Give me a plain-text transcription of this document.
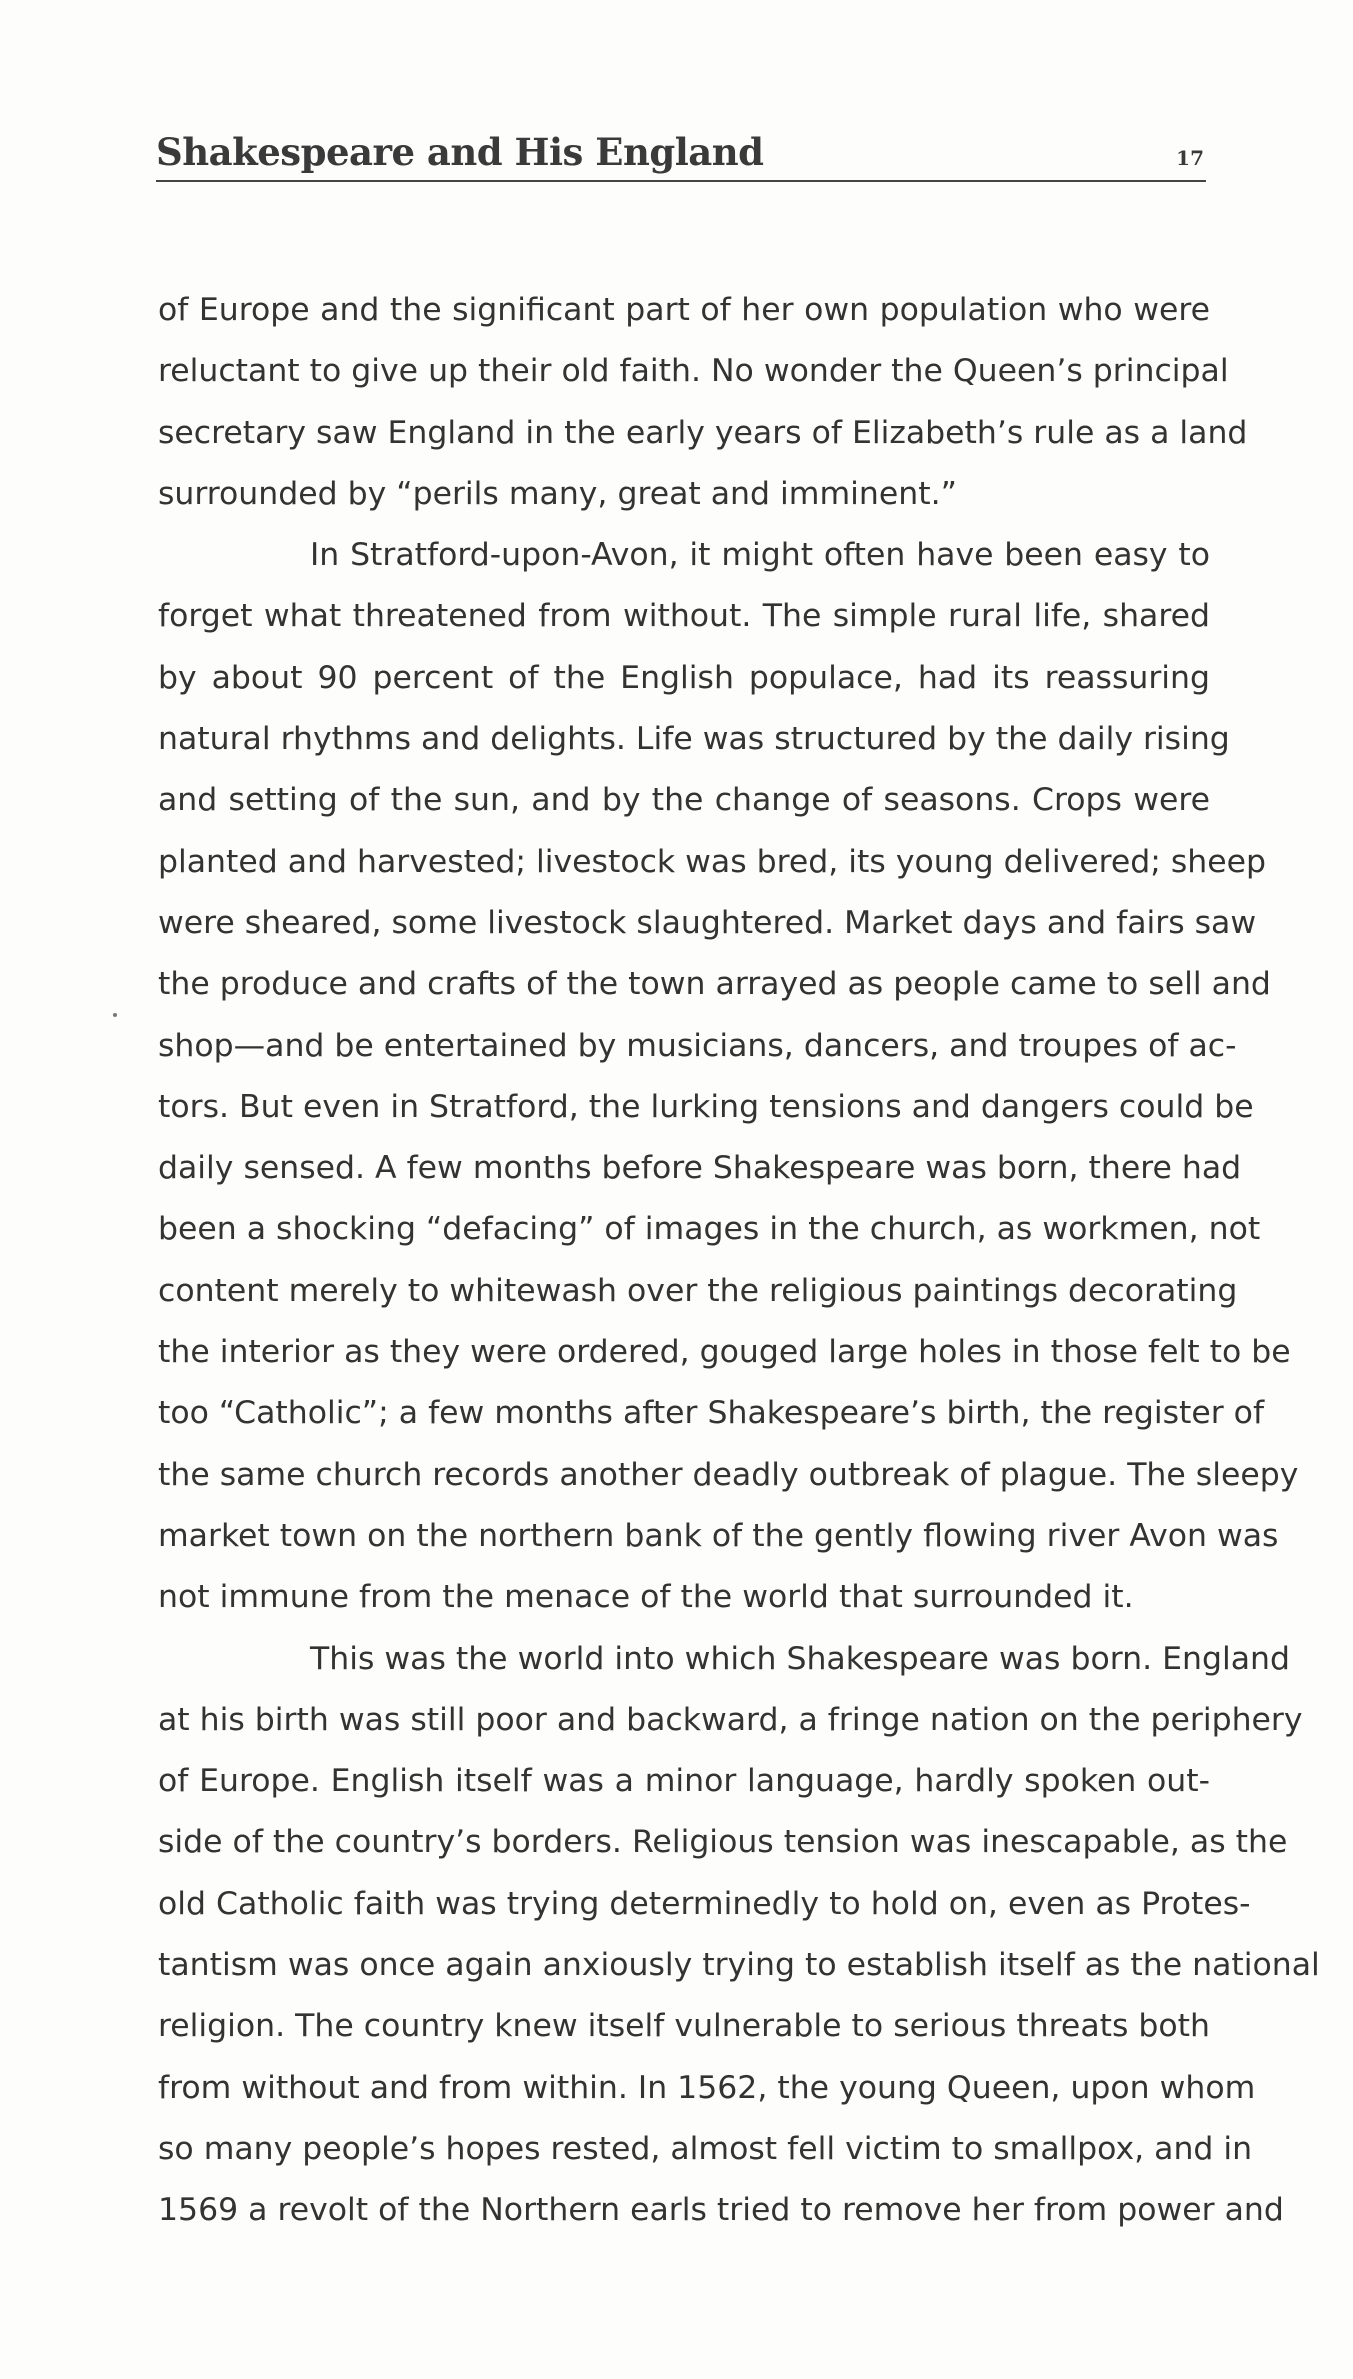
Shakespeare and His England	17
of Europe and the significant part of her own population who were
reluctant to give up their old faith. No wonder the Queen’s principal
secretary saw England in the early years of Elizabeth’s rule as a land
surrounded by “perils many, great and imminent.”
In Stratford-upon-Avon, it might often have been easy to
forget what threatened from without. The simple rural life, shared
by about 90 percent of the English populace, had its reassuring
natural rhythms and delights. Life was structured by the daily rising
and setting of the sun, and by the change of seasons. Crops were
planted and harvested; livestock was bred, its young delivered; sheep
were sheared, some livestock slaughtered. Market days and fairs saw
the produce and crafts of the town arrayed as people came to sell and
shop—and be entertained by musicians, dancers, and troupes of ac-
tors. But even in Stratford, the lurking tensions and dangers could be
daily sensed. A few months before Shakespeare was born, there had
been a shocking “defacing” of images in the church, as workmen, not
content merely to whitewash over the religious paintings decorating
the interior as they were ordered, gouged large holes in those felt to be
too “Catholic”; a few months after Shakespeare’s birth, the register of
the same church records another deadly outbreak of plague. The sleepy
market town on the northern bank of the gently flowing river Avon was
not immune from the menace of the world that surrounded it.
This was the world into which Shakespeare was born. England
at his birth was still poor and backward, a fringe nation on the periphery
of Europe. English itself was a minor language, hardly spoken out-
side of the country’s borders. Religious tension was inescapable, as the
old Catholic faith was trying determinedly to hold on, even as Protes-
tantism was once again anxiously trying to establish itself as the national
religion. The country knew itself vulnerable to serious threats both
from without and from within. In 1562, the young Queen, upon whom
so many people’s hopes rested, almost fell victim to smallpox, and in
1569 a revolt of the Northern earls tried to remove her from power and
